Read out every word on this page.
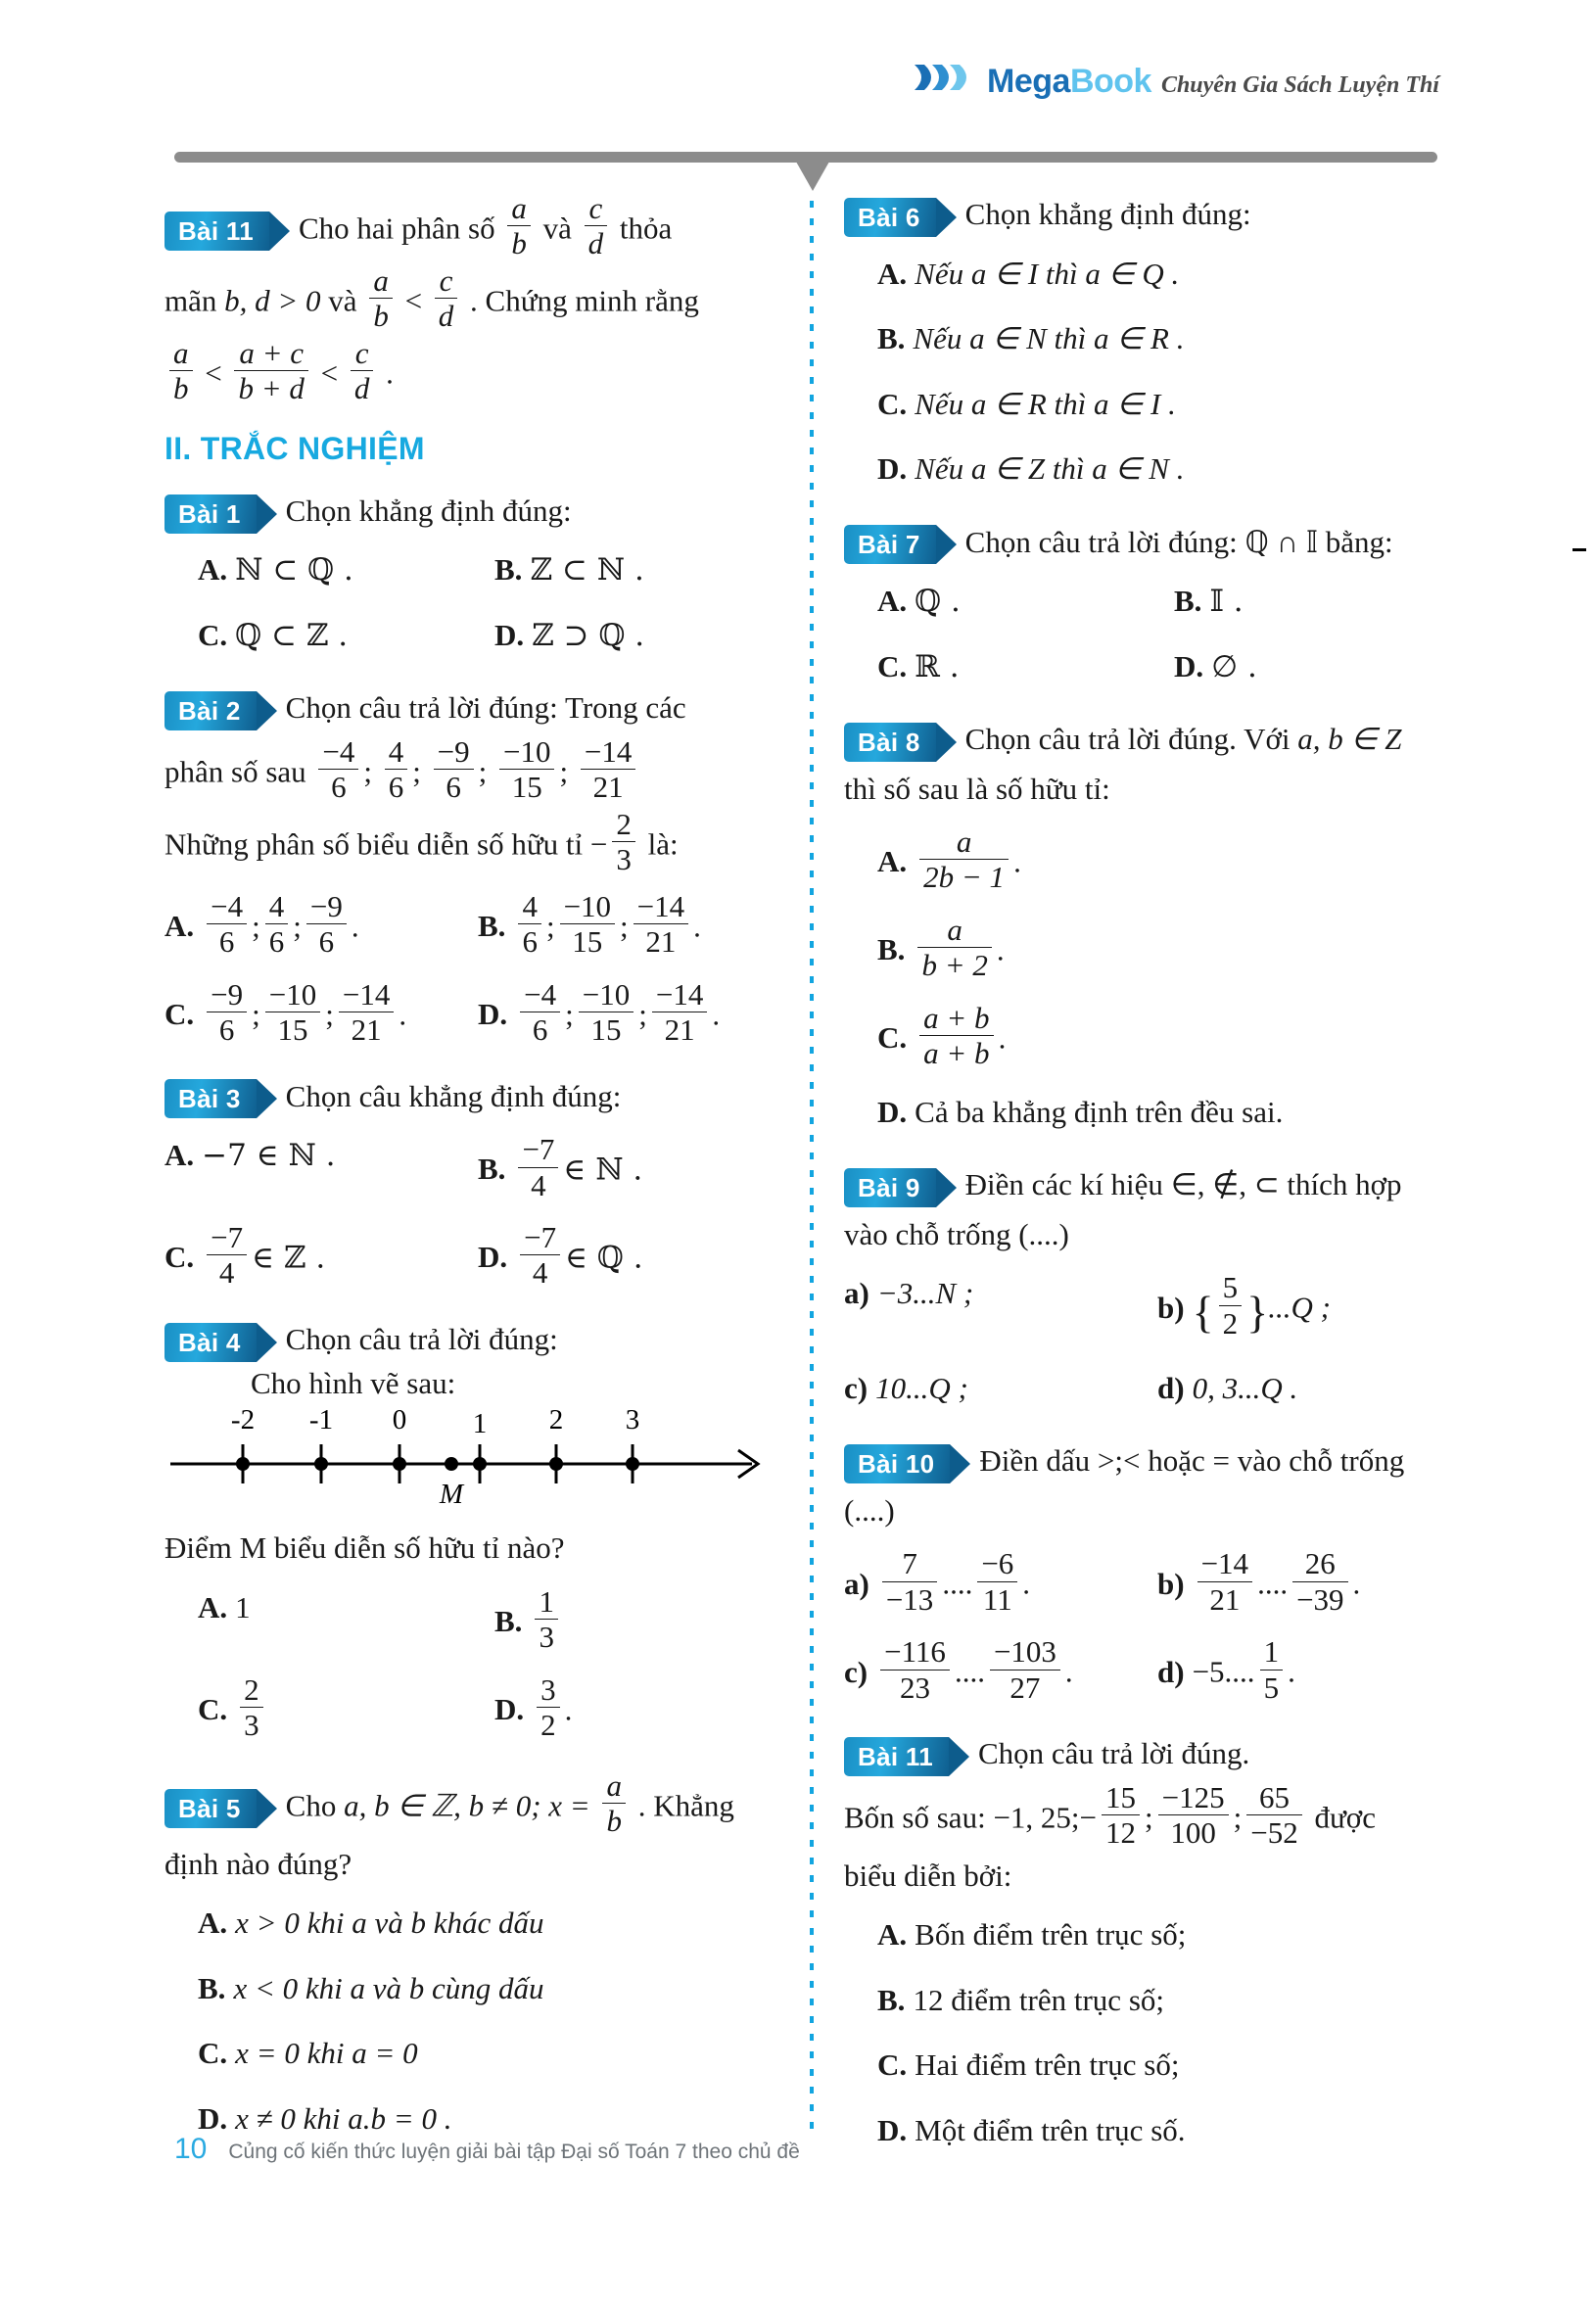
MegaBook Chuyên Gia Sách Luyện Thí
Bài 11 Cho hai phân số $\frac{a}{b}$ và $\frac{c}{d}$ thỏa
mãn b, d > 0 và $\frac{a}{b} < \frac{c}{d}$ . Chứng minh rằng
$\frac{a}{b} < \frac{a + c}{b + d} < \frac{c}{d}$ .
II. TRẮC NGHIỆM
Bài 1 Chọn khẳng định đúng:
A. ℕ ⊂ ℚ .	B. ℤ ⊂ ℕ .
C. ℚ ⊂ ℤ .	D. ℤ ⊃ ℚ .
Bài 2 Chọn câu trả lời đúng: Trong các
phân số sau $\frac{-4}{6}$ ; $\frac{4}{6}$ ; $\frac{-9}{6}$ ; $\frac{-10}{15}$ ; $\frac{-14}{21}$
Những phân số biểu diễn số hữu tỉ − $\frac{2}{3}$ là:
A. $\frac{-4}{6}$ ; $\frac{4}{6}$ ; $\frac{-9}{6}$ .	B. $\frac{4}{6}$ ; $\frac{-10}{15}$ ; $\frac{-14}{21}$ .
C. $\frac{-9}{6}$ ; $\frac{-10}{15}$ ; $\frac{-14}{21}$ .	D. $\frac{-4}{6}$ ; $\frac{-10}{15}$ ; $\frac{-14}{21}$ .
Bài 3 Chọn câu khẳng định đúng:
A. −7 ∈ ℕ .	B. $\frac{-7}{4}$ ∈ ℕ .
C. $\frac{-7}{4}$ ∈ ℤ .	D. $\frac{-7}{4}$ ∈ ℚ .
Bài 4 Chọn câu trả lời đúng:
Cho hình vẽ sau:
-2 -1 0 1 2 3
M
Điểm M biểu diễn số hữu tỉ nào?
A. 1	B. $\frac{1}{3}$
C. $\frac{2}{3}$	D. $\frac{3}{2}$ .
Bài 5 Cho a, b ∈ ℤ, b ≠ 0; $x = \frac{a}{b}$ . Khẳng
định nào đúng?
A. x > 0 khi a và b khác dấu
B. x < 0 khi a và b cùng dấu
C. x = 0 khi a = 0
D. x ≠ 0 khi a.b = 0 .
Bài 6 Chọn khẳng định đúng:
A. Nếu a ∈ I thì a ∈ Q .
B. Nếu a ∈ N thì a ∈ R .
C. Nếu a ∈ R thì a ∈ I .
D. Nếu a ∈ Z thì a ∈ N .
Bài 7 Chọn câu trả lời đúng: ℚ ∩ 𝕀 bằng:
A. ℚ .	B. 𝕀 .
C. ℝ .	D. ∅ .
Bài 8 Chọn câu trả lời đúng. Với a, b ∈ Z
thì số sau là số hữu tỉ:
A. $\frac{a}{2b - 1}$ .
B. $\frac{a}{b + 2}$ .
C. $\frac{a + b}{a + b}$ .
D. Cả ba khẳng định trên đều sai.
Bài 9 Điền các kí hiệu ∈, ∉, ⊂ thích hợp
vào chỗ trống (....)
a) −3...N ;	b) { $\frac{5}{2} \}...Q$ ;
c) 10...Q ;	d) 0, 3...Q .
Bài 10 Điền dấu >;< hoặc = vào chỗ trống
(....)
$a) \frac{7}{-13}$ .... $\frac{-6}{11}$ .	$b) \frac{-14}{21}$ .... $\frac{26}{-39}$ .
$c) \frac{-116}{23}$ .... $\frac{-103}{27}$ .	d) −5.... $\frac{1}{5}$ .
Bài 11 Chọn câu trả lời đúng.
Bốn số sau: −1, 25;− $\frac{15}{12}$ ; $\frac{-125}{100}$ ; $\frac{65}{-52}$ được
biểu diễn bởi:
A. Bốn điểm trên trục số;
B. 12 điểm trên trục số;
C. Hai điểm trên trục số;
D. Một điểm trên trục số.
10 Củng cố kiến thức luyện giải bài tập Đại số Toán 7 theo chủ đề
